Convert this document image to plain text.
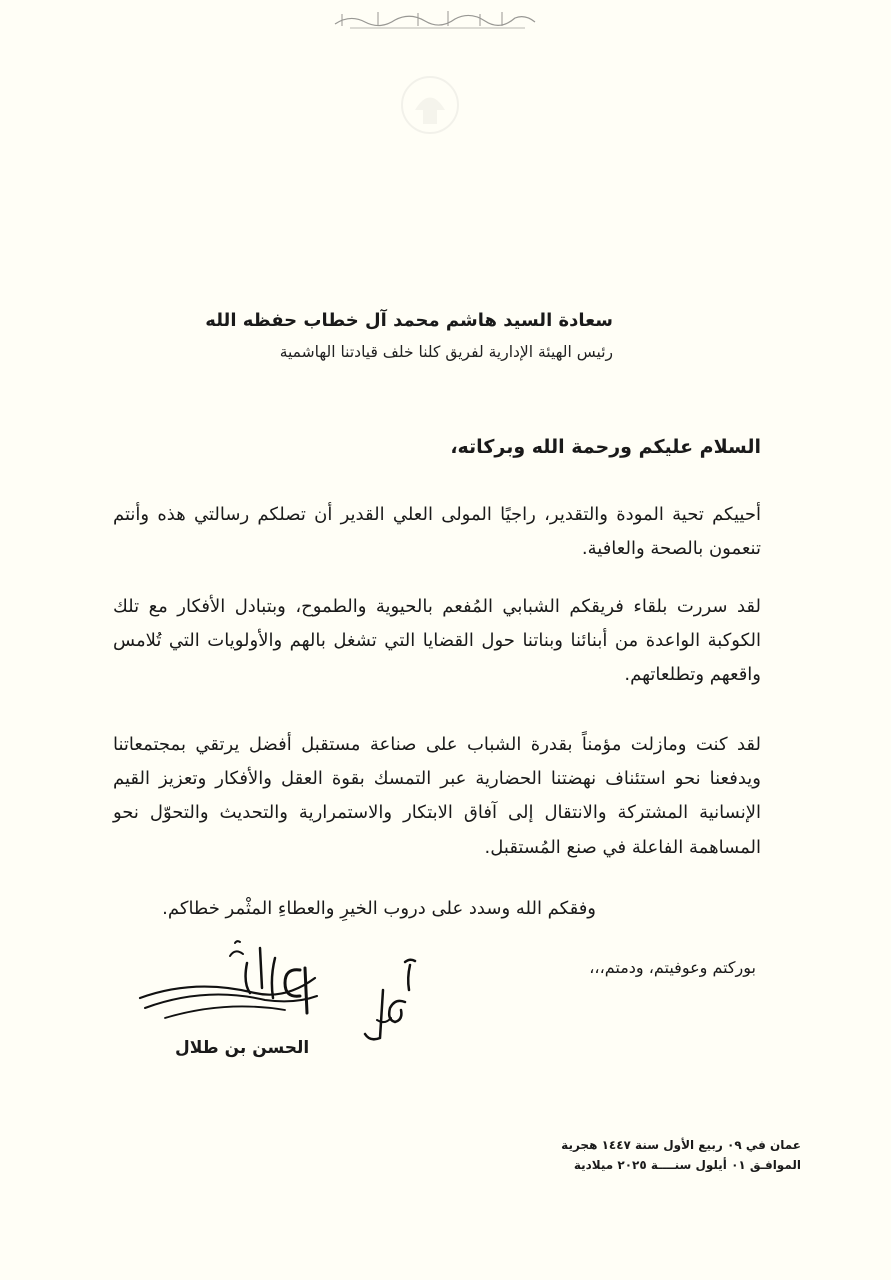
سعادة السيد هاشم محمد آل خطاب حفظه الله
رئيس الهيئة الإدارية لفريق كلنا خلف قيادتنا الهاشمية
السلام عليكم ورحمة الله وبركاته،
أحييكم تحية المودة والتقدير، راجيًا المولى العلي القدير أن تصلكم رسالتي هذه وأنتم تنعمون بالصحة والعافية.
لقد سررت بلقاء فريقكم الشبابي المُفعم بالحيوية والطموح، وبتبادل الأفكار مع تلك الكوكبة الواعدة من أبنائنا وبناتنا حول القضايا التي تشغل بالهم والأولويات التي تُلامس واقعهم وتطلعاتهم.
لقد كنت ومازلت مؤمناً بقدرة الشباب على صناعة مستقبل أفضل يرتقي بمجتمعاتنا ويدفعنا نحو استئناف نهضتنا الحضارية عبر التمسك بقوة العقل والأفكار وتعزيز القيم الإنسانية المشتركة والانتقال إلى آفاق الابتكار والاستمرارية والتحديث والتحوّل نحو المساهمة الفاعلة في صنع المُستقبل.
وفقكم الله وسدد على دروب الخيرِ والعطاءِ المثْمر خطاكم.
بوركتم وعوفيتم، ودمتم،،،
الحسن بن طلال
عمان في ٠٩ ربيع الأول سنة ١٤٤٧ هجرية
الموافـق ٠١ أيلول سنــــة ٢٠٢٥ ميلادية
